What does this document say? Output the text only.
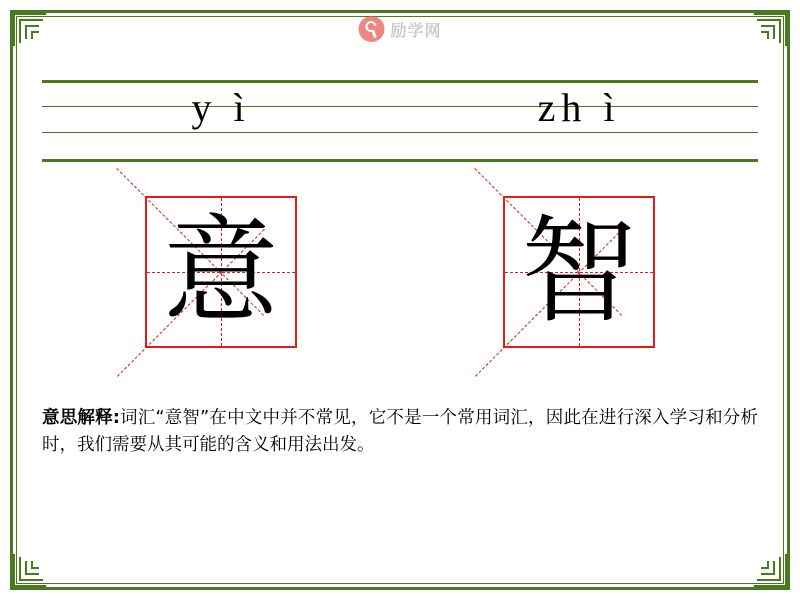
励学网
y ì	zh ì
意 智
意思解释:词汇“意智”在中文中并不常见，它不是一个常用词汇，因此在进行深入学习和分析时，我们需要从其可能的含义和用法出发。
